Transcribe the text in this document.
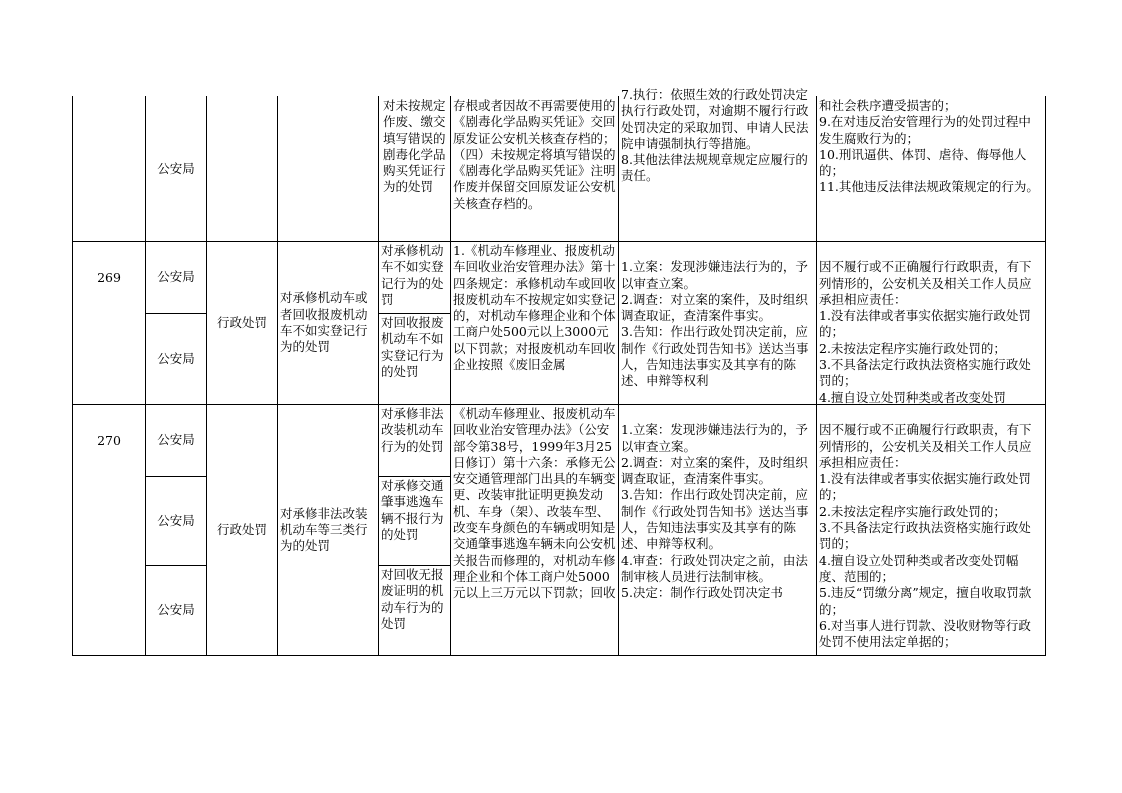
公安局
对未按规定作废、缴交填写错误的剧毒化学品购买凭证行为的处罚
存根或者因故不再需要使用的《剧毒化学品购买凭证》交回原发证公安机关核查存档的；（四）未按规定将填写错误的《剧毒化学品购买凭证》注明作废并保留交回原发证公安机关核查存档的。
7.执行：依照生效的行政处罚决定执行行政处罚，对逾期不履行行政处罚决定的采取加罚、申请人民法院申请强制执行等措施。
8.其他法律法规规章规定应履行的责任。
和社会秩序遭受损害的；
9.在对违反治安管理行为的处罚过程中发生腐败行为的；
10.刑讯逼供、体罚、虐待、侮辱他人的；
11.其他违反法律法规政策规定的行为。
269	公安局
公安局
行政处罚
对承修机动车或者回收报废机动车不如实登记行为的处罚
对承修机动车不如实登记行为的处罚
对回收报废机动车不如实登记行为的处罚
1.《机动车修理业、报废机动车回收业治安管理办法》第十四条规定：承修机动车或回收报废机动车不按规定如实登记的，对机动车修理企业和个体工商户处500元以上3000元以下罚款；对报废机动车回收企业按照《废旧金属

1.立案：发现涉嫌违法行为的，予以审查立案。
2.调查：对立案的案件，及时组织调查取证，查清案件事实。
3.告知：作出行政处罚决定前，应制作《行政处罚告知书》送达当事人，告知违法事实及其享有的陈述、申辩等权利

因不履行或不正确履行行政职责，有下列情形的，公安机关及相关工作人员应承担相应责任：
1.没有法律或者事实依据实施行政处罚的；
2.未按法定程序实施行政处罚的；
3.不具备法定行政执法资格实施行政处罚的；
4.擅自设立处罚种类或者改变处罚

270	公安局
公安局
公安局
行政处罚
对承修非法改装机动车等三类行为的处罚
对承修非法改装机动车行为的处罚
对承修交通肇事逃逸车辆不报行为的处罚
对回收无报废证明的机动车行为的处罚
《机动车修理业、报废机动车回收业治安管理办法》（公安部令第38号，1999年3月25日修订）第十六条：承修无公安交通管理部门出具的车辆变更、改装审批证明更换发动机、车身（架）、改装车型、改变车身颜色的车辆或明知是交通肇事逃逸车辆未向公安机关报告而修理的，对机动车修理企业和个体工商户处5000元以上三万元以下罚款；回收

1.立案：发现涉嫌违法行为的，予以审查立案。
2.调查：对立案的案件，及时组织调查取证，查清案件事实。
3.告知：作出行政处罚决定前，应制作《行政处罚告知书》送达当事人，告知违法事实及其享有的陈述、申辩等权利。
4.审查：行政处罚决定之前，由法制审核人员进行法制审核。
5.决定：制作行政处罚决定书

因不履行或不正确履行行政职责，有下列情形的，公安机关及相关工作人员应承担相应责任：
1.没有法律或者事实依据实施行政处罚的；
2.未按法定程序实施行政处罚的；
3.不具备法定行政执法资格实施行政处罚的；
4.擅自设立处罚种类或者改变处罚幅度、范围的；
5.违反“罚缴分离”规定，擅自收取罚款的；
6.对当事人进行罚款、没收财物等行政处罚不使用法定单据的；
